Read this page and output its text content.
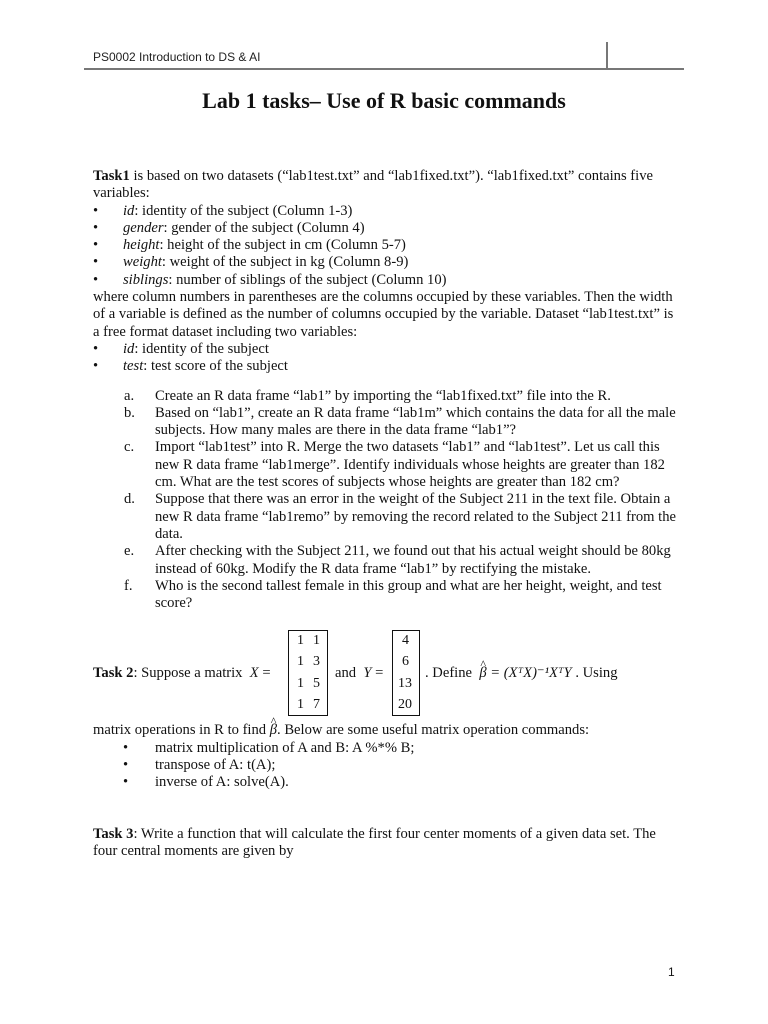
PS0002 Introduction to DS & AI
Lab 1 tasks– Use of R basic commands

Task1 is based on two datasets (“lab1test.txt” and “lab1fixed.txt”). “lab1fixed.txt” contains five variables:

• id: identity of the subject (Column 1-3)
• gender: gender of the subject (Column 4)
• height: height of the subject in cm (Column 5-7)
• weight: weight of the subject in kg (Column 8-9)
• siblings: number of siblings of the subject (Column 10)

where column numbers in parentheses are the columns occupied by these variables. Then the width of a variable is defined as the number of columns occupied by the variable. Dataset “lab1test.txt” is a free format dataset including two variables:

• id: identity of the subject
• test: test score of the subject
a. Create an R data frame “lab1” by importing the “lab1fixed.txt” file into the R.
b. Based on “lab1”, create an R data frame “lab1m” which contains the data for all the male subjects. How many males are there in the data frame “lab1”?
c. Import “lab1test” into R. Merge the two datasets “lab1” and “lab1test”. Let us call this new R data frame “lab1merge”. Identify individuals whose heights are greater than 182 cm. What are the test scores of subjects whose heights are greater than 182 cm?
d. Suppose that there was an error in the weight of the Subject 211 in the text file. Obtain a new R data frame “lab1remo” by removing the record related to the Subject 211 from the data.
e. After checking with the Subject 211, we found out that his actual weight should be 80kg instead of 60kg. Modify the R data frame “lab1” by rectifying the mistake.
f. Who is the second tallest female in this group and what are her height, weight, and test score?
Task 2: Suppose a matrix X =
1 1
1 3
1 5
1 7
and Y =
4
6
13
20
. Define ^ β = (XᵀX)⁻¹XᵀY . Using

matrix operations in R to find ^ β. Below are some useful matrix operation commands:

• matrix multiplication of A and B: A %*% B;
• transpose of A: t(A);
• inverse of A: solve(A).

Task 3: Write a function that will calculate the first four center moments of a given data set. The four central moments are given by

1
